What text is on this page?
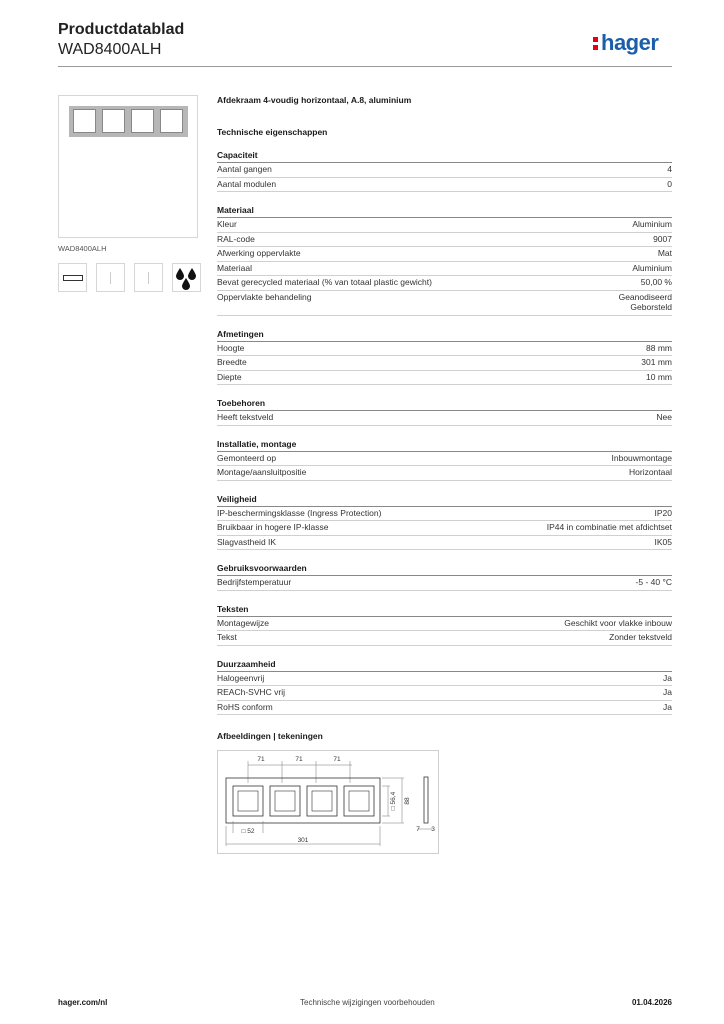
Productdatablad
WAD8400ALH	hager
WAD8400ALH
Afdekraam 4-voudig horizontaal, A.8, aluminium
Technische eigenschappen
Capaciteit
Aantal gangen	4
Aantal modulen	0
Materiaal
Kleur	Aluminium
RAL-code	9007
Afwerking oppervlakte	Mat
Materiaal	Aluminium
Bevat gerecycled materiaal (% van totaal plastic gewicht)	50,00 %
Oppervlakte behandeling	Geanodiseerd
Geborsteld
Afmetingen
Hoogte	88 mm
Breedte	301 mm
Diepte	10 mm
Toebehoren
Heeft tekstveld	Nee
Installatie, montage
Gemonteerd op	Inbouwmontage
Montage/aansluitpositie	Horizontaal
Veiligheid
IP-beschermingsklasse (Ingress Protection)	IP20
Bruikbaar in hogere IP-klasse	IP44 in combinatie met afdichtset
Slagvastheid IK	IK05
Gebruiksvoorwaarden
Bedrijfstemperatuur	-5 - 40 °C
Teksten
Montagewijze	Geschikt voor vlakke inbouw
Tekst	Zonder tekstveld
Duurzaamheid
Halogeenvrij	Ja
REACh-SVHC vrij	Ja
RoHS conform	Ja
Afbeeldingen | tekeningen
71	71	71
□ 56,4 88
□ 52
301
7 3
hager.com/nl	Technische wijzigingen voorbehouden	01.04.2026
